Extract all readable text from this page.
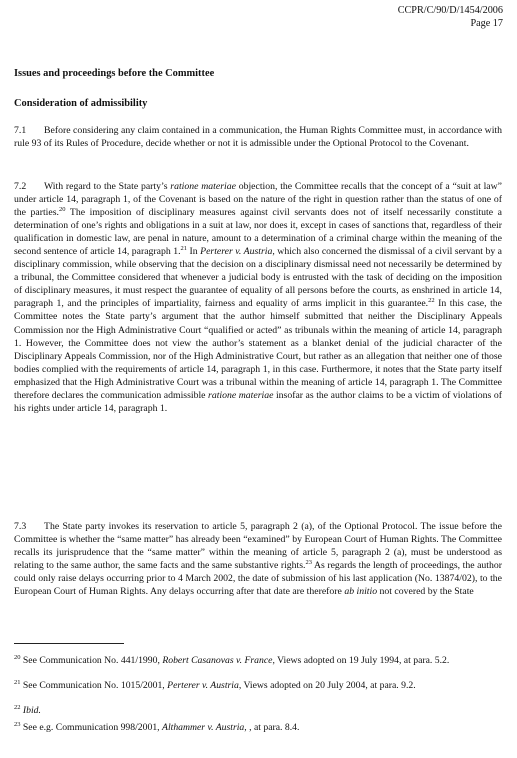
CCPR/C/90/D/1454/2006
Page 17
Issues and proceedings before the Committee
Consideration of admissibility

7.1 Before considering any claim contained in a communication, the Human Rights Committee must, in accordance with rule 93 of its Rules of Procedure, decide whether or not it is admissible under the Optional Protocol to the Covenant.

7.2 With regard to the State party’s ratione materiae objection, the Committee recalls that the concept of a “suit at law” under article 14, paragraph 1, of the Covenant is based on the nature of the right in question rather than the status of one of the parties.$^{20}$ The imposition of disciplinary measures against civil servants does not of itself necessarily constitute a determination of one’s rights and obligations in a suit at law, nor does it, except in cases of sanctions that, regardless of their qualification in domestic law, are penal in nature, amount to a determination of a criminal charge within the meaning of the second sentence of article 14, paragraph 1.21 In Perterer v. Austria, which also concerned the dismissal of a civil servant by a disciplinary commission, while observing that the decision on a disciplinary dismissal need not necessarily be determined by a tribunal, the Committee considered that whenever a judicial body is entrusted with the task of deciding on the imposition of disciplinary measures, it must respect the guarantee of equality of all persons before the courts, as enshrined in article 14, paragraph 1, and the principles of impartiality, fairness and equality of arms implicit in this guarantee.$^{22}$ In this case, the Committee notes the State party’s argument that the author himself submitted that neither the Disciplinary Appeals Commission nor the High Administrative Court “qualified or acted” as tribunals within the meaning of article 14, paragraph 1. However, the Committee does not view the author’s statement as a blanket denial of the judicial character of the Disciplinary Appeals Commission, nor of the High Administrative Court, but rather as an allegation that neither one of those bodies complied with the requirements of article 14, paragraph 1, in this case. Furthermore, it notes that the State party itself emphasized that the High Administrative Court was a tribunal within the meaning of article 14, paragraph 1. The Committee therefore declares the communication admissible ratione materiae insofar as the author claims to be a victim of violations of his rights under article 14, paragraph 1.

7.3 The State party invokes its reservation to article 5, paragraph 2 (a), of the Optional Protocol. The issue before the Committee is whether the “same matter” has already been “examined” by European Court of Human Rights. The Committee recalls its jurisprudence that the “same matter” within the meaning of article 5, paragraph 2 (a), must be understood as relating to the same author, the same facts and the same substantive rights.$^{23}$ As regards the length of proceedings, the author could only raise delays occurring prior to 4 March 2002, the date of submission of his last application (No. 13874/02), to the European Court of Human Rights. Any delays occurring after that date are therefore ab initio not covered by the State

$^{20}$ See Communication No. 441/1990, Robert Casanovas v. France, Views adopted on 19 July 1994, at para. 5.2.

$^{21}$ See Communication No. 1015/2001, Perterer v. Austria, Views adopted on 20 July 2004, at para. 9.2.

$^{22}$ Ibid.

$^{23}$ See e.g. Communication 998/2001, Althammer v. Austria, , at para. 8.4.
